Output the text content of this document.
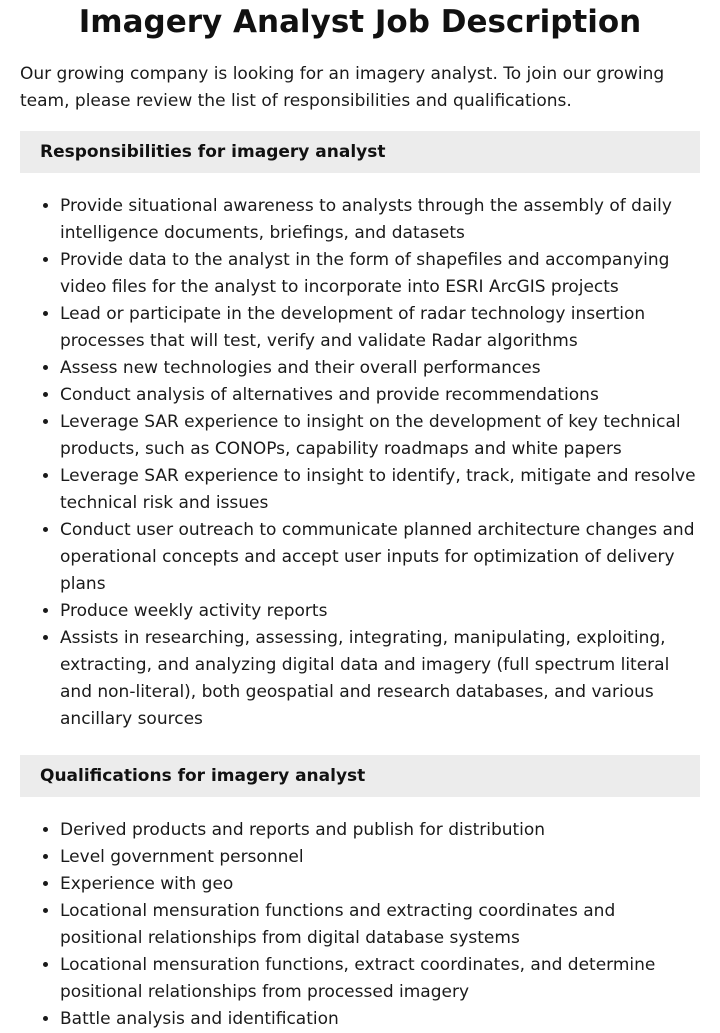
Imagery Analyst Job Description

Our growing company is looking for an imagery analyst. To join our growing team, please review the list of responsibilities and qualifications.

Responsibilities for imagery analyst
• Provide situational awareness to analysts through the assembly of daily intelligence documents, briefings, and datasets
• Provide data to the analyst in the form of shapefiles and accompanying video files for the analyst to incorporate into ESRI ArcGIS projects
• Lead or participate in the development of radar technology insertion processes that will test, verify and validate Radar algorithms
• Assess new technologies and their overall performances
• Conduct analysis of alternatives and provide recommendations
• Leverage SAR experience to insight on the development of key technical products, such as CONOPs, capability roadmaps and white papers
• Leverage SAR experience to insight to identify, track, mitigate and resolve technical risk and issues
• Conduct user outreach to communicate planned architecture changes and operational concepts and accept user inputs for optimization of delivery plans
• Produce weekly activity reports
• Assists in researching, assessing, integrating, manipulating, exploiting, extracting, and analyzing digital data and imagery (full spectrum literal and non-literal), both geospatial and research databases, and various ancillary sources
Qualifications for imagery analyst
• Derived products and reports and publish for distribution
• Level government personnel
• Experience with geo
• Locational mensuration functions and extracting coordinates and positional relationships from digital database systems
• Locational mensuration functions, extract coordinates, and determine positional relationships from processed imagery
• Battle analysis and identification
